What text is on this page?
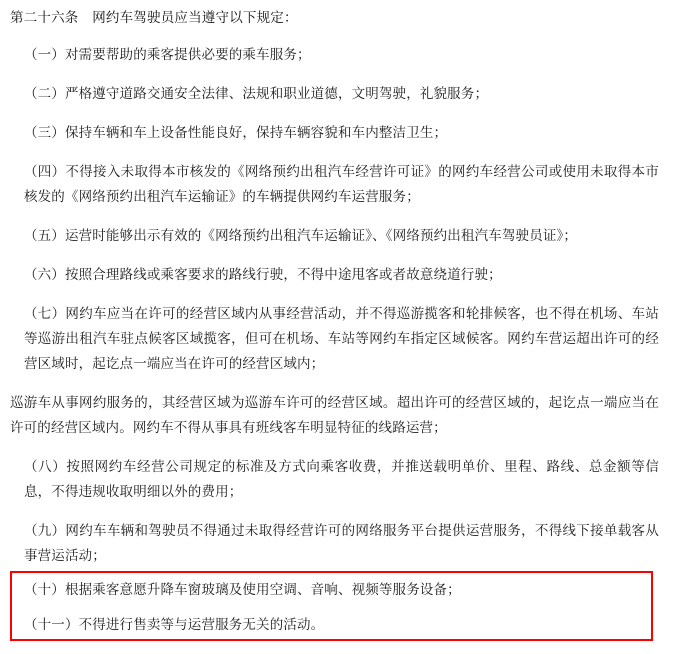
第二十六条　网约车驾驶员应当遵守以下规定：

（一）对需要帮助的乘客提供必要的乘车服务；

（二）严格遵守道路交通安全法律、法规和职业道德，文明驾驶，礼貌服务；

（三）保持车辆和车上设备性能良好，保持车辆容貌和车内整洁卫生；

（四）不得接入未取得本市核发的《网络预约出租汽车经营许可证》的网约车经营公司或使用未取得本市核发的《网络预约出租汽车运输证》的车辆提供网约车运营服务；

（五）运营时能够出示有效的《网络预约出租汽车运输证》、《网络预约出租汽车驾驶员证》；

（六）按照合理路线或乘客要求的路线行驶，不得中途甩客或者故意绕道行驶；

（七）网约车应当在许可的经营区域内从事经营活动，并不得巡游揽客和轮排候客，也不得在机场、车站等巡游出租汽车驻点候客区域揽客，但可在机场、车站等网约车指定区域候客。网约车营运超出许可的经营区域时，起讫点一端应当在许可的经营区域内；

巡游车从事网约服务的，其经营区域为巡游车许可的经营区域。超出许可的经营区域的，起讫点一端应当在许可的经营区域内。网约车不得从事具有班线客车明显特征的线路运营；

（八）按照网约车经营公司规定的标准及方式向乘客收费，并推送载明单价、里程、路线、总金额等信息，不得违规收取明细以外的费用；

（九）网约车车辆和驾驶员不得通过未取得经营许可的网络服务平台提供运营服务，不得线下接单载客从事营运活动；

（十）根据乘客意愿升降车窗玻璃及使用空调、音响、视频等服务设备；

（十一）不得进行售卖等与运营服务无关的活动。
